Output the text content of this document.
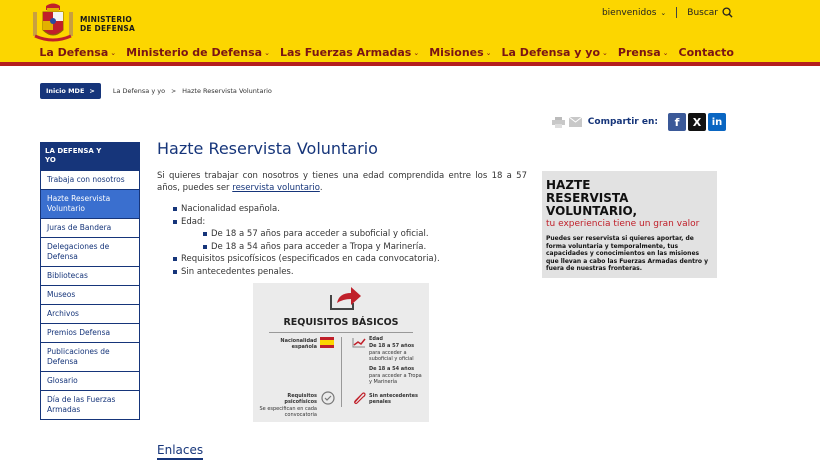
MINISTERIO
DE DEFENSA
bienvenidos ⌄ Buscar
La Defensa ⌄ Ministerio de Defensa ⌄ Las Fuerzas Armadas ⌄ Misiones ⌄ La Defensa y yo ⌄ Prensa ⌄ Contacto
Inicio MDE >	La Defensa y yo > Hazte Reservista Voluntario
Compartir en:	f	X	in
LA DEFENSA Y
YO
Trabaja con nosotros
Hazte Reservista Voluntario
Juras de Bandera
Delegaciones de Defensa
Bibliotecas
Museos
Archivos
Premios Defensa
Publicaciones de Defensa
Glosario
Día de las Fuerzas Armadas
Hazte Reservista Voluntario

Si quieres trabajar con nosotros y tienes una edad comprendida entre los 18 a 57 años, puedes ser reservista voluntario.

Nacionalidad española.
Edad:
De 18 a 57 años para acceder a suboficial y oficial.
De 18 a 54 años para acceder a Tropa y Marinería.
Requisitos psicofísicos (especificados en cada convocatoria).
Sin antecedentes penales.
REQUISITOS BÁSICOS
Nacionalidad española
Edad
De 18 a 57 años
para acceder a suboficial y oficial
De 18 a 54 años
para acceder a Tropa y Marinería
Requisitos psicofísicos
Se especifican en cada convocatoria
Sin antecedentes penales
HAZTE
RESERVISTA VOLUNTARIO,
tu experiencia tiene un gran valor
Puedes ser reservista si quieres aportar, de forma voluntaria y temporalmente, tus capacidades y conocimientos en las misiones que llevan a cabo las Fuerzas Armadas dentro y fuera de nuestras fronteras.
Enlaces
